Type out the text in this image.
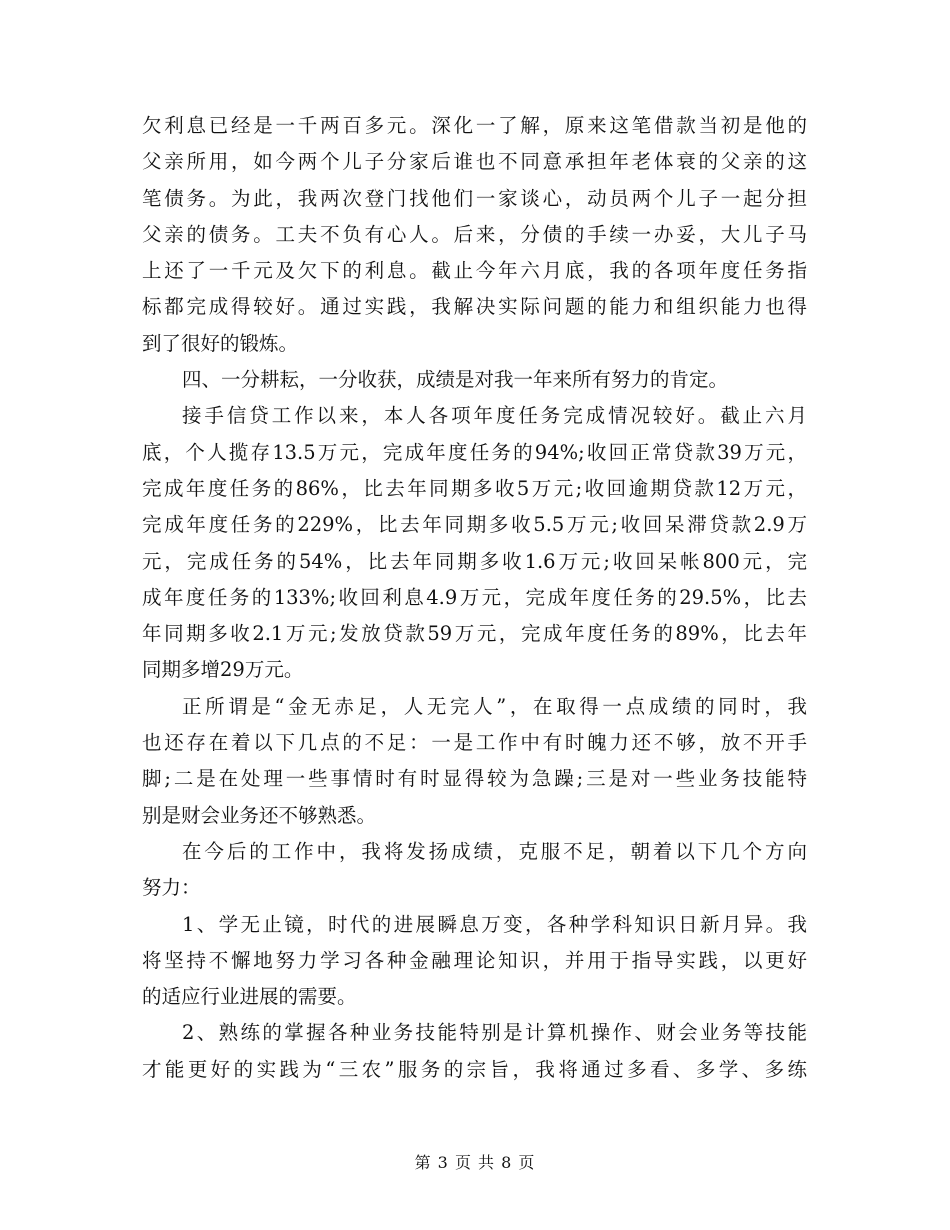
欠利息已经是一千两百多元。深化一了解，原来这笔借款当初是他的
父亲所用，如今两个儿子分家后谁也不同意承担年老体衰的父亲的这
笔债务。为此，我两次登门找他们一家谈心，动员两个儿子一起分担
父亲的债务。工夫不负有心人。后来，分债的手续一办妥，大儿子马
上还了一千元及欠下的利息。截止今年六月底，我的各项年度任务指
标都完成得较好。通过实践，我解决实际问题的能力和组织能力也得
到了很好的锻炼。
四、一分耕耘，一分收获，成绩是对我一年来所有努力的肯定。
接手信贷工作以来，本人各项年度任务完成情况较好。截止六月
底，个人揽存13.5万元，完成年度任务的94%;收回正常贷款39万元，
完成年度任务的86%，比去年同期多收5万元;收回逾期贷款12万元，
完成年度任务的229%，比去年同期多收5.5万元;收回呆滞贷款2.9万
元，完成任务的54%，比去年同期多收1.6万元;收回呆帐800元，完
成年度任务的133%;收回利息4.9万元，完成年度任务的29.5%，比去
年同期多收2.1万元;发放贷款59万元，完成年度任务的89%，比去年
同期多增29万元。
正所谓是“金无赤足，人无完人”，在取得一点成绩的同时，我
也还存在着以下几点的不足：一是工作中有时魄力还不够，放不开手
脚;二是在处理一些事情时有时显得较为急躁;三是对一些业务技能特
别是财会业务还不够熟悉。
在今后的工作中，我将发扬成绩，克服不足，朝着以下几个方向
努力：
1、学无止镜，时代的进展瞬息万变，各种学科知识日新月异。我
将坚持不懈地努力学习各种金融理论知识，并用于指导实践，以更好
的适应行业进展的需要。
2、熟练的掌握各种业务技能特别是计算机操作、财会业务等技能
才能更好的实践为“三农”服务的宗旨，我将通过多看、多学、多练
第 3 页 共 8 页
